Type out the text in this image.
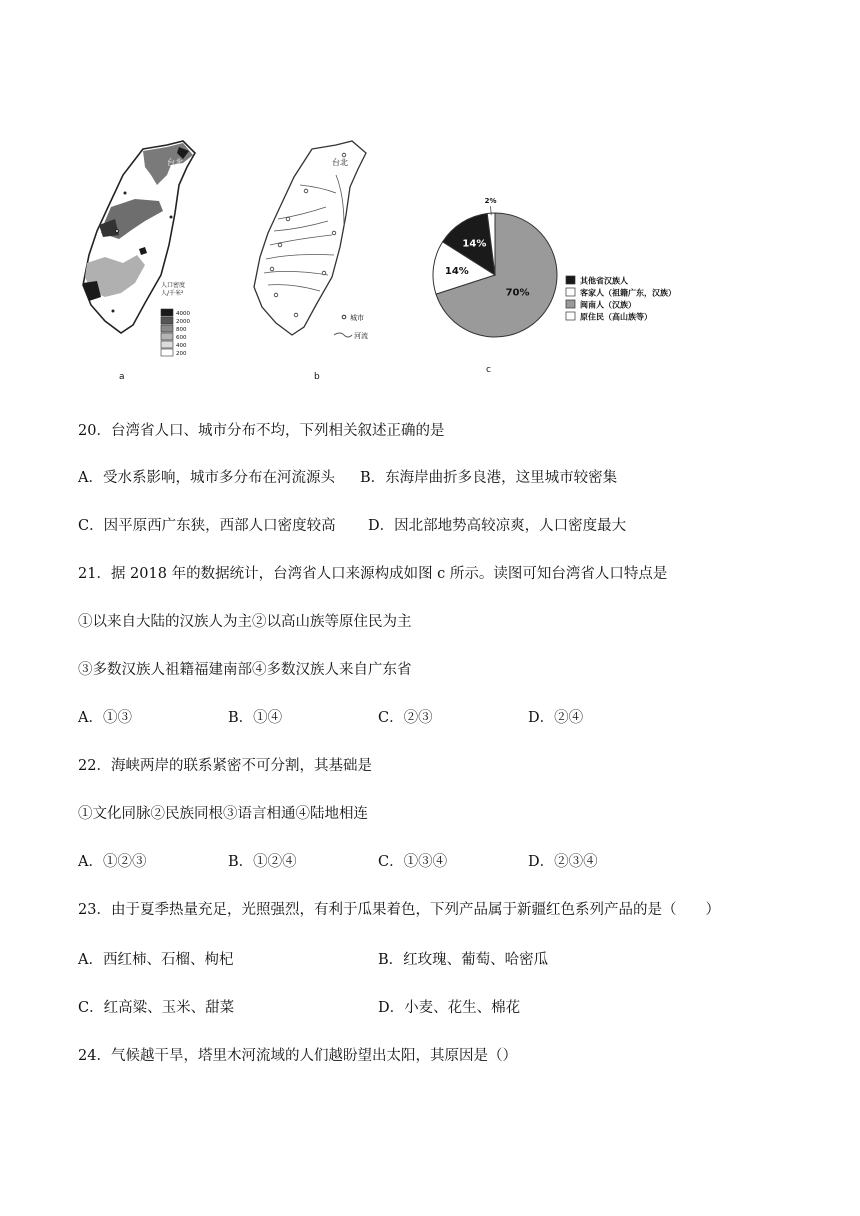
台北
人口密度
人/千米²
4000
2000
800
600
400
200
a
台北
城市
河流
b
70%
14%
14%
2%
其他省汉族人
客家人（祖籍广东，汉族）
闽南人（汉族）
原住民（高山族等）
c
20．台湾省人口、城市分布不均，下列相关叙述正确的是
A．受水系影响，城市多分布在河流源头 B．东海岸曲折多良港，这里城市较密集
C．因平原西广东狭，西部人口密度较高 D．因北部地势高较凉爽，人口密度最大
21．据 2018 年的数据统计，台湾省人口来源构成如图 c 所示。读图可知台湾省人口特点是
①以来自大陆的汉族人为主②以高山族等原住民为主
③多数汉族人祖籍福建南部④多数汉族人来自广东省
A．①③	B．①④	C．②③	D．②④
22．海峡两岸的联系紧密不可分割，其基础是
①文化同脉②民族同根③语言相通④陆地相连
A．①②③	B．①②④	C．①③④	D．②③④
23．由于夏季热量充足，光照强烈，有利于瓜果着色，下列产品属于新疆红色系列产品的是（　　）
A．西红柿、石榴、枸杞	B．红玫瑰、葡萄、哈密瓜
C．红高粱、玉米、甜菜	D．小麦、花生、棉花
24．气候越干旱，塔里木河流域的人们越盼望出太阳，其原因是（）
